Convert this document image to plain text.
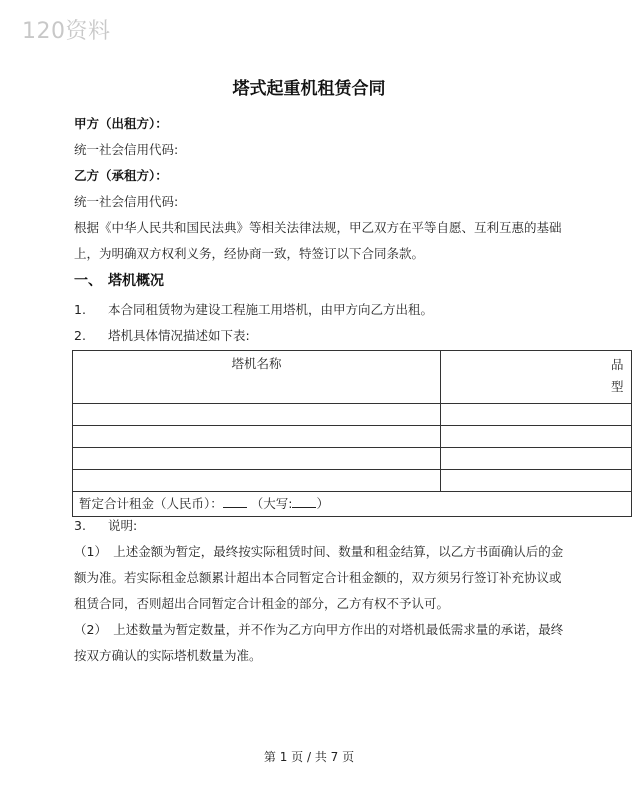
120资料
塔式起重机租赁合同
甲方（出租方）：
统一社会信用代码:
乙方（承租方）：
统一社会信用代码:
根据《中华人民共和国民法典》等相关法律法规，甲乙双方在平等自愿、互利互惠的基础
上，为明确双方权利义务，经协商一致，特签订以下合同条款。
一、 塔机概况
1. 本合同租赁物为建设工程施工用塔机，由甲方向乙方出租。
2. 塔机具体情况描述如下表:
塔机名称	品
型

暂定合计租金（人民币）： （大写: ）	
3. 说明:
（1）　上述金额为暂定，最终按实际租赁时间、数量和租金结算，以乙方书面确认后的金
额为准。若实际租金总额累计超出本合同暂定合计租金额的，双方须另行签订补充协议或
租赁合同，否则超出合同暂定合计租金的部分，乙方有权不予认可。
（2）　上述数量为暂定数量，并不作为乙方向甲方作出的对塔机最低需求量的承诺，最终
按双方确认的实际塔机数量为准。
第 1 页 / 共 7 页
